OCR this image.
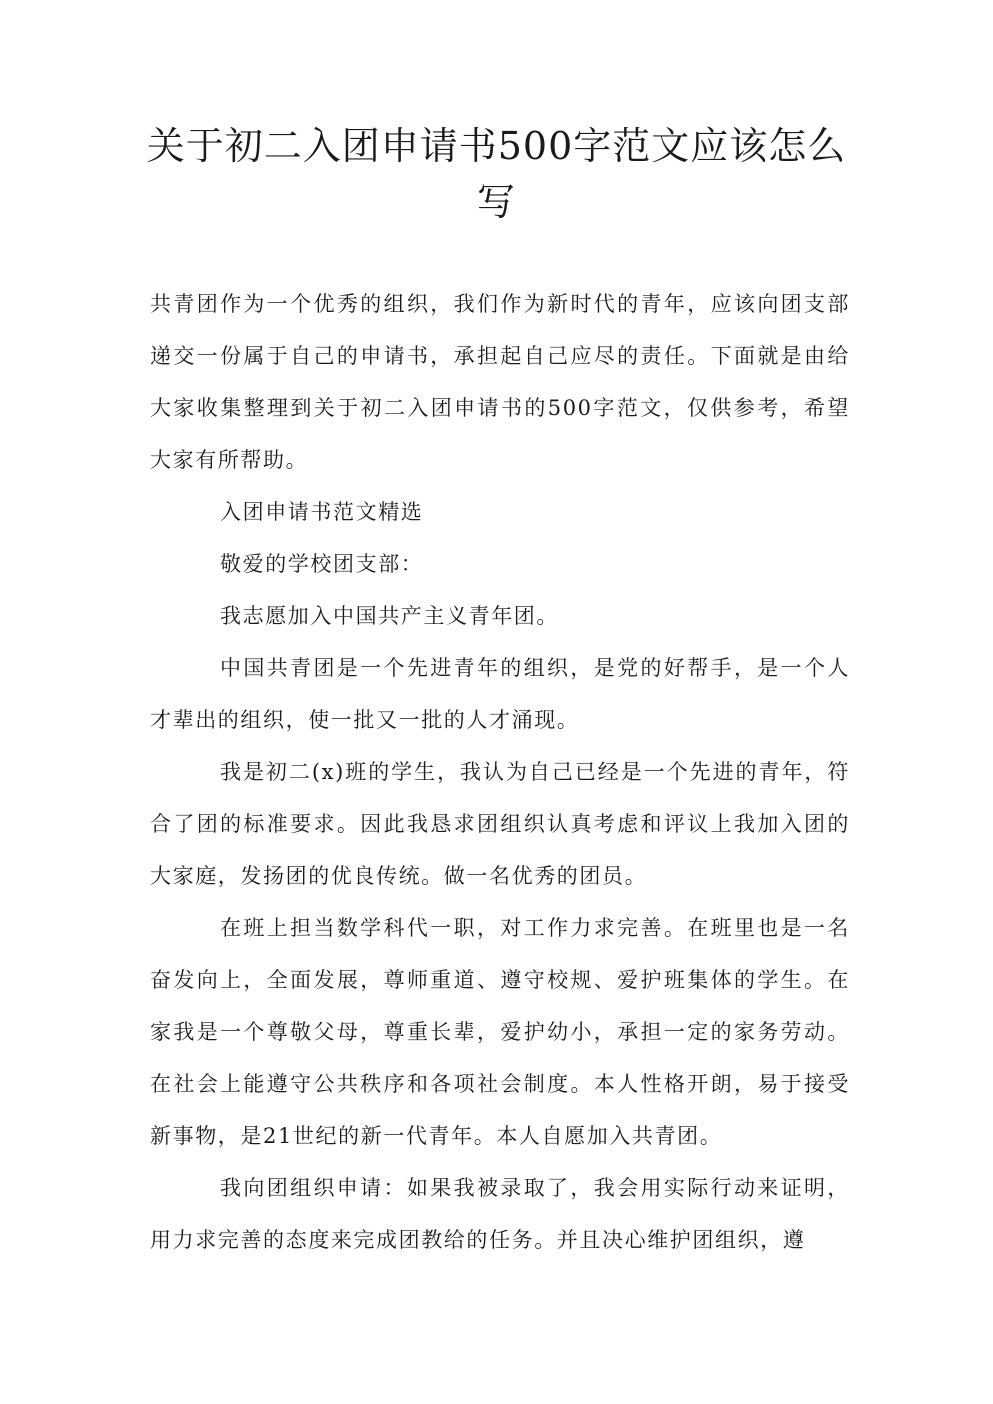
关于初二入团申请书500字范文应该怎么写

共青团作为一个优秀的组织，我们作为新时代的青年，应该向团支部递交一份属于自己的申请书，承担起自己应尽的责任。下面就是由给大家收集整理到关于初二入团申请书的500字范文，仅供参考，希望大家有所帮助。

入团申请书范文精选

敬爱的学校团支部：

我志愿加入中国共产主义青年团。

中国共青团是一个先进青年的组织，是党的好帮手，是一个人才辈出的组织，使一批又一批的人才涌现。

我是初二(x)班的学生，我认为自己已经是一个先进的青年，符合了团的标准要求。因此我恳求团组织认真考虑和评议上我加入团的大家庭，发扬团的优良传统。做一名优秀的团员。

在班上担当数学科代一职，对工作力求完善。在班里也是一名奋发向上，全面发展，尊师重道、遵守校规、爱护班集体的学生。在家我是一个尊敬父母，尊重长辈，爱护幼小，承担一定的家务劳动。在社会上能遵守公共秩序和各项社会制度。本人性格开朗，易于接受新事物，是21世纪的新一代青年。本人自愿加入共青团。

我向团组织申请：如果我被录取了，我会用实际行动来证明，用力求完善的态度来完成团教给的任务。并且决心维护团组织，遵
